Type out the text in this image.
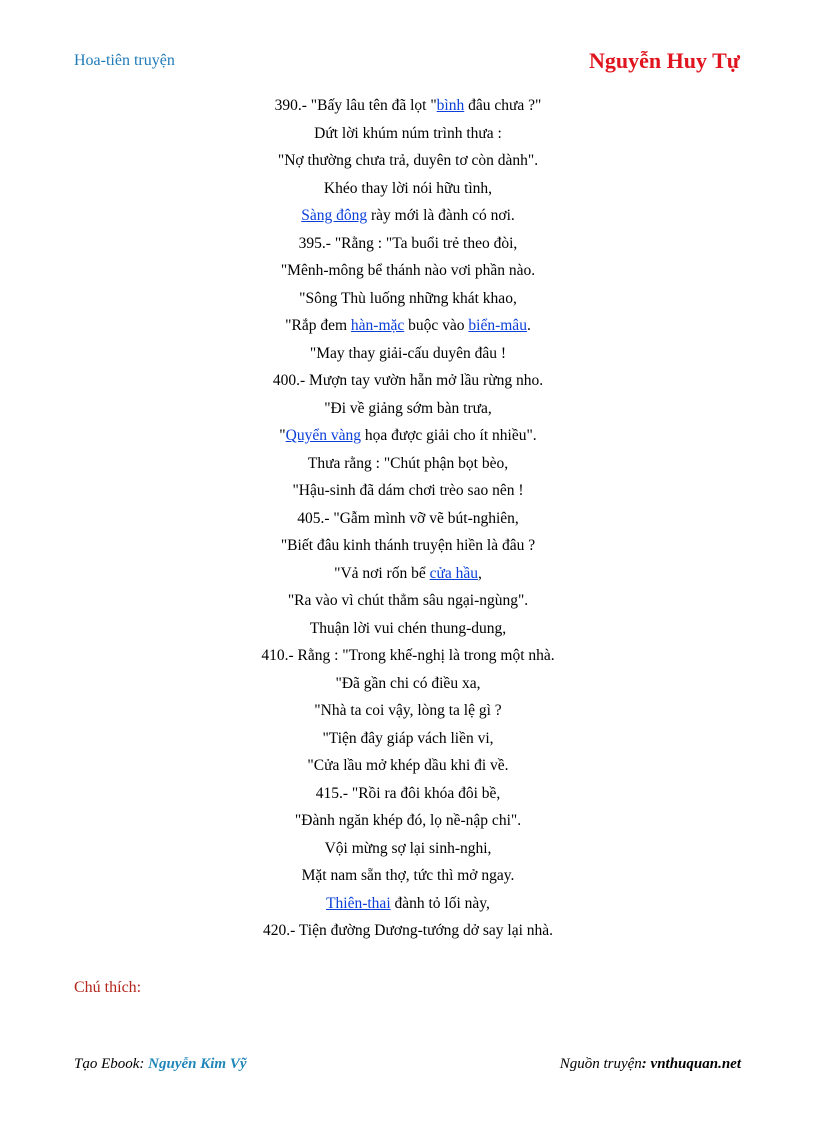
Hoa-tiên truyện	Nguyễn Huy Tự
390.- "Bấy lâu tên đã lọt "bình đâu chưa ?"
Dứt lời khúm núm trình thưa :
"Nợ thường chưa trả, duyên tơ còn dành".
Khéo thay lời nói hữu tình,
Sàng đông rày mới là đành có nơi.
395.- "Rằng : "Ta buổi trẻ theo đòi,
"Mênh-mông bể thánh nào vơi phần nào.
"Sông Thù luống những khát khao,
"Rắp đem hàn-mặc buộc vào biển-mâu.
"May thay giải-cấu duyên đâu !
400.- Mượn tay vườn hẵn mở lầu rừng nho.
"Đi về giảng sớm bàn trưa,
"Quyển vàng họa được giải cho ít nhiều".
Thưa rằng : "Chút phận bọt bèo,
"Hậu-sinh đã dám chơi trèo sao nên !
405.- "Gẫm mình vỡ vẽ bút-nghiên,
"Biết đâu kinh thánh truyện hiền là đâu ?
"Vả nơi rốn bể cửa hầu,
"Ra vào vì chút thẳm sâu ngại-ngùng".
Thuận lời vui chén thung-dung,
410.- Rằng : "Trong khế-nghị là trong một nhà.
"Đã gần chi có điều xa,
"Nhà ta coi vậy, lòng ta lệ gì ?
"Tiện đây giáp vách liền vi,
"Cửa lầu mở khép dầu khi đi về.
415.- "Rồi ra đôi khóa đôi bề,
"Đành ngăn khép đó, lọ nề-nập chi".
Vội mừng sợ lại sinh-nghi,
Mặt nam sẵn thợ, tức thì mở ngay.
Thiên-thai đành tỏ lối này,
420.- Tiện đường Dương-tướng dở say lại nhà.
Chú thích:
Tạo Ebook: Nguyễn Kim Vỹ	Nguồn truyện: vnthuquan.net
